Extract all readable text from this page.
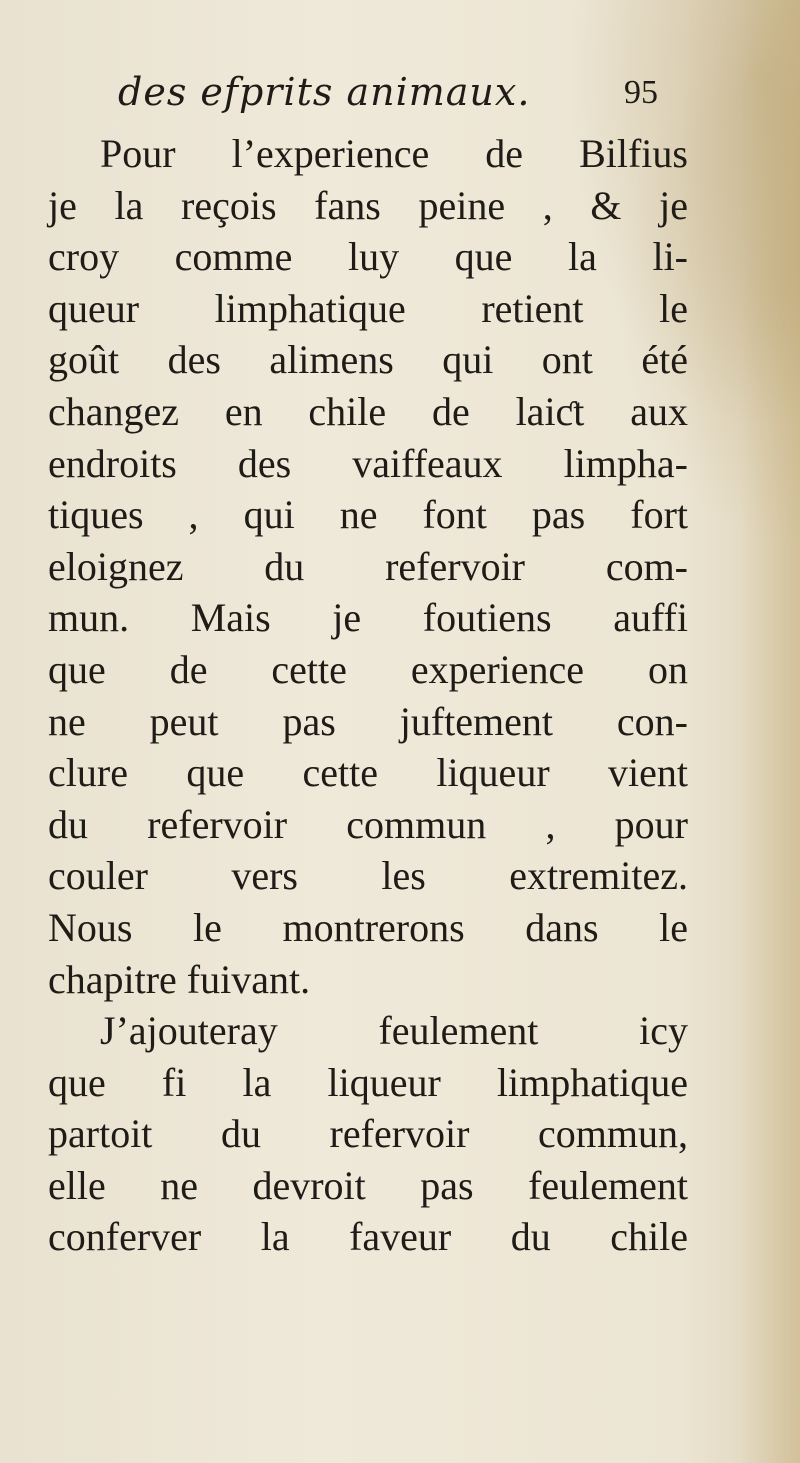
des efprits animaux.	95
Pour l’experience de Bilfius
je la reçois fans peine , & je
croy comme luy que la li-
queur limphatique retient le
goût des alimens qui ont été
changez en chile de laiƈt aux
endroits des vaiffeaux limpha-
tiques , qui ne font pas fort
eloignez du refervoir com-
mun. Mais je foutiens auffi
que de cette experience on
ne peut pas juftement con-
clure que cette liqueur vient
du refervoir commun , pour
couler vers les extremitez.
Nous le montrerons dans le
chapitre fuivant.
J’ajouteray feulement icy
que fi la liqueur limphatique
partoit du refervoir commun,
elle ne devroit pas feulement
conferver la faveur du chile
